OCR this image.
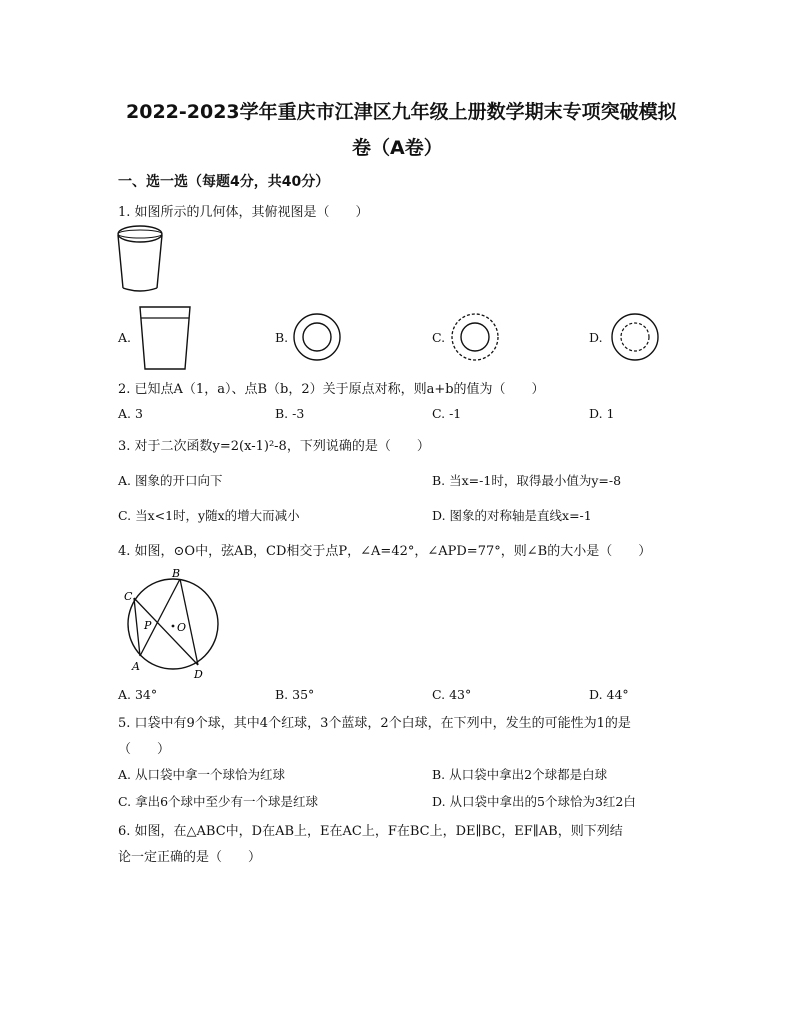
2022-2023学年重庆市江津区九年级上册数学期末专项突破模拟
卷（A卷）
一、选一选（每题4分，共40分）
1. 如图所示的几何体，其俯视图是（　　）
A.	B.	C.	D.
2. 已知点A（1，a）、点B（b，2）关于原点对称，则a+b的值为（　　）
A. 3	B. -3	C. -1	D. 1
3. 对于二次函数y=2(x-1)²-8，下列说确的是（　　）
A. 图象的开口向下	B. 当x=-1时，取得最小值为y=-8
C. 当x<1时，y随x的增大而减小	D. 图象的对称轴是直线x=-1
4. 如图，⊙O中，弦AB，CD相交于点P，∠A=42°，∠APD=77°，则∠B的大小是（　　）
A
B
C
D
P O
A. 34°	B. 35°	C. 43°	D. 44°
5. 口袋中有9个球，其中4个红球，3个蓝球，2个白球，在下列中，发生的可能性为1的是
（　　）
A. 从口袋中拿一个球恰为红球	B. 从口袋中拿出2个球都是白球
C. 拿出6个球中至少有一个球是红球	D. 从口袋中拿出的5个球恰为3红2白
6. 如图，在△ABC中，D在AB上，E在AC上，F在BC上，DE∥BC，EF∥AB，则下列结
论一定正确的是（　　）
